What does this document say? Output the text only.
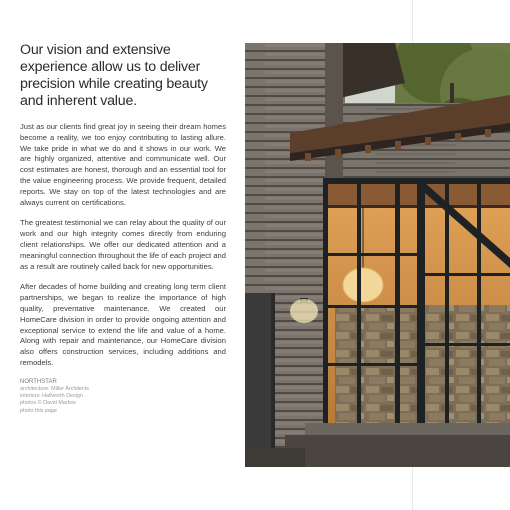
Our vision and extensive experience allow us to deliver precision while creating beauty and inherent value.

Just as our clients find great joy in seeing their dream homes become a reality, we too enjoy contributing to lasting allure. We take pride in what we do and it shows in our work. We are highly organized, attentive and communicate well. Our cost estimates are honest, thorough and an essential tool for the value engineering process. We provide frequent, detailed reports. We stay on top of the latest technologies and are always current on certifications.

The greatest testimonial we can relay about the quality of our work and our high integrity comes directly from enduring client relationships. We offer our dedicated attention and a meaningful connection throughout the life of each project and as a result are routinely called back for new opportunities.

After decades of home building and creating long term client partnerships, we began to realize the importance of high quality, preventative maintenance. We created our HomeCare division in order to provide ongoing attention and exceptional service to extend the life and value of a home. Along with repair and maintenance, our HomeCare division also offers construction services, including additions and remodels.

NORTHSTAR
architecture: Miller Architects
interiors: Hallworth Design
photos © David Marlow
photo this page
